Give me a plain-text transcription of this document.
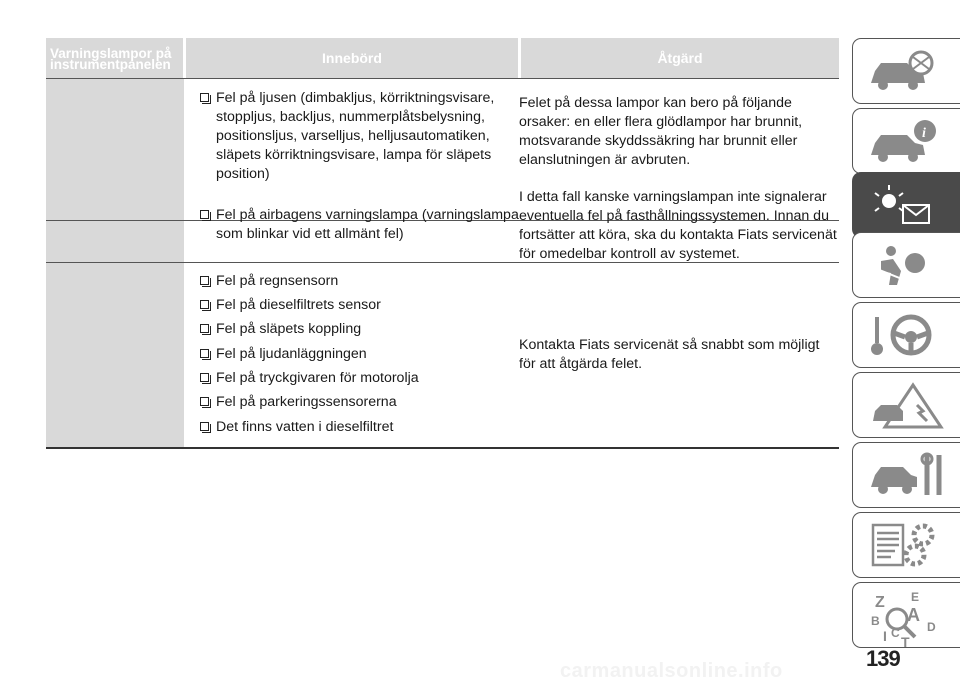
Varningslampor på instrumentpanelen	Innebörd	Åtgärd
Fel på ljusen (dimbakljus, körriktningsvisare, stoppljus, backljus, nummerplåtsbelysning, positionsljus, varselljus, helljusautomatiken, släpets körriktningsvisare, lampa för släpets position)
Felet på dessa lampor kan bero på följande orsaker: en eller flera glödlampor har brunnit, motsvarande skyddssäkring har brunnit eller elanslutningen är avbruten.
Fel på airbagens varningslampa (varningslampa som blinkar vid ett allmänt fel)
I detta fall kanske varningslampan inte signalerar eventuella fel på fasthållningssystemen. Innan du fortsätter att köra, ska du kontakta Fiats servicenät för omedelbar kontroll av systemet.
Fel på regnsensorn
Fel på dieselfiltrets sensor
Fel på släpets koppling
Fel på ljudanläggningen
Fel på tryckgivaren för motorolja
Fel på parkeringssensorerna
Det finns vatten i dieselfiltret
Kontakta Fiats servicenät så snabbt som möjligt för att åtgärda felet.
i
Z E
B A
D
I C
T
139
carmanualsonline.info
